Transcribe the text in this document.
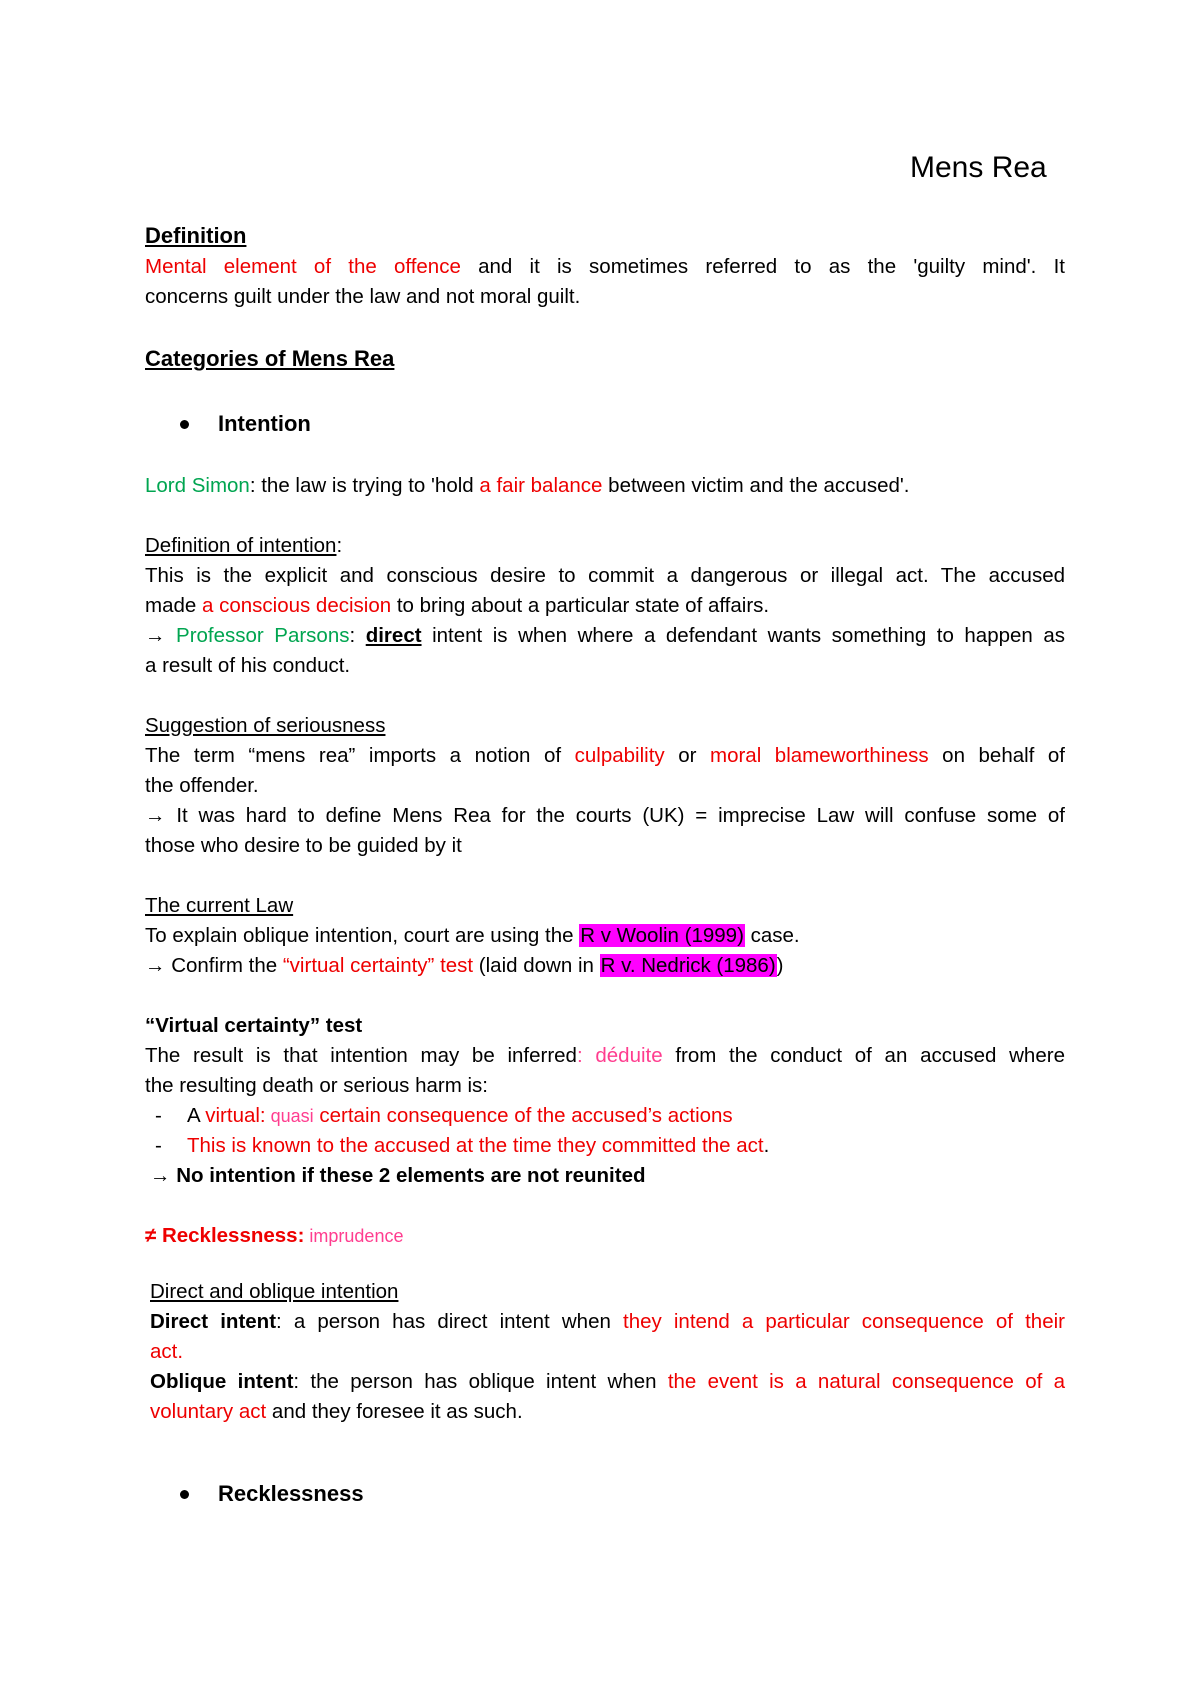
Mens Rea
Definition
Mental element of the offence and it is sometimes referred to as the 'guilty mind'. It
concerns guilt under the law and not moral guilt.
Categories of Mens Rea
Intention
Lord Simon: the law is trying to 'hold a fair balance between victim and the accused'.
Definition of intention:
This is the explicit and conscious desire to commit a dangerous or illegal act. The accused
made a conscious decision to bring about a particular state of affairs.
→ Professor Parsons: direct intent is when where a defendant wants something to happen as
a result of his conduct.
Suggestion of seriousness
The term “mens rea” imports a notion of culpability or moral blameworthiness on behalf of
the offender.
→ It was hard to define Mens Rea for the courts (UK) = imprecise Law will confuse some of
those who desire to be guided by it
The current Law
To explain oblique intention, court are using the R v Woolin (1999) case.
→ Confirm the “virtual certainty” test (laid down in R v. Nedrick (1986))
“Virtual certainty” test
The result is that intention may be inferred: déduite from the conduct of an accused where
the resulting death or serious harm is:
- A virtual: quasi certain consequence of the accused’s actions
- This is known to the accused at the time they committed the act.
→ No intention if these 2 elements are not reunited
≠ Recklessness: imprudence
Direct and oblique intention
Direct intent: a person has direct intent when they intend a particular consequence of their
act.
Oblique intent: the person has oblique intent when the event is a natural consequence of a
voluntary act and they foresee it as such.
Recklessness
